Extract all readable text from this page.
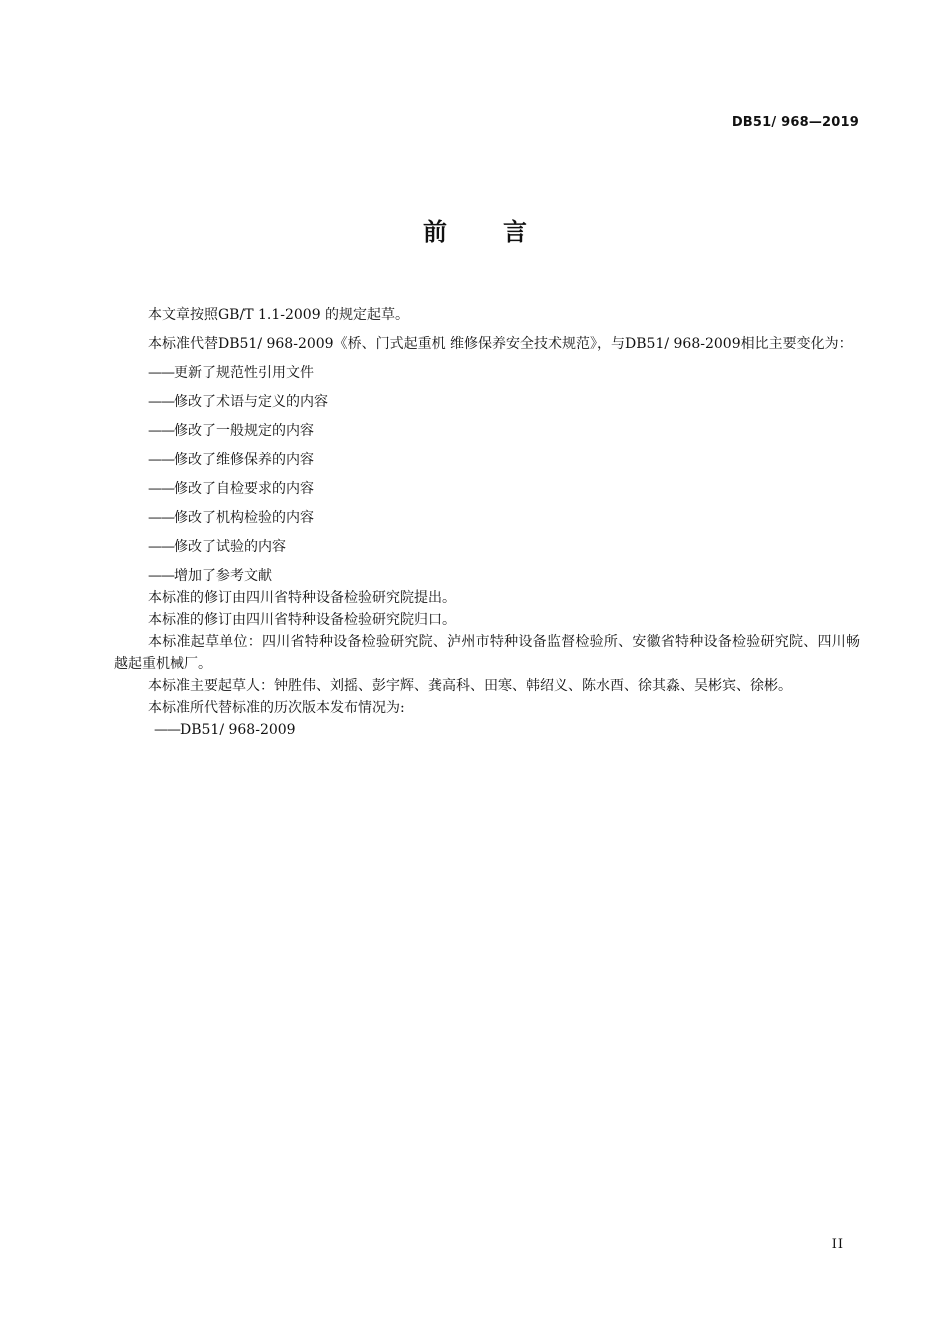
DB51/ 968—2019
前 言

本文章按照GB/T 1.1-2009 的规定起草。

本标准代替DB51/ 968-2009《桥、门式起重机 维修保养安全技术规范》，与DB51/ 968-2009相比主要变化为：

——更新了规范性引用文件
——修改了术语与定义的内容
——修改了一般规定的内容
——修改了维修保养的内容
——修改了自检要求的内容
——修改了机构检验的内容
——修改了试验的内容
——增加了参考文献

本标准的修订由四川省特种设备检验研究院提出。

本标准的修订由四川省特种设备检验研究院归口。

本标准起草单位：四川省特种设备检验研究院、泸州市特种设备监督检验所、安徽省特种设备检验研究院、四川畅越起重机械厂。

本标准主要起草人：钟胜伟、刘摇、彭宇辉、龚高科、田寒、韩绍义、陈水酉、徐其淼、吴彬宾、徐彬。

本标准所代替标准的历次版本发布情况为:

——DB51/ 968-2009
II
